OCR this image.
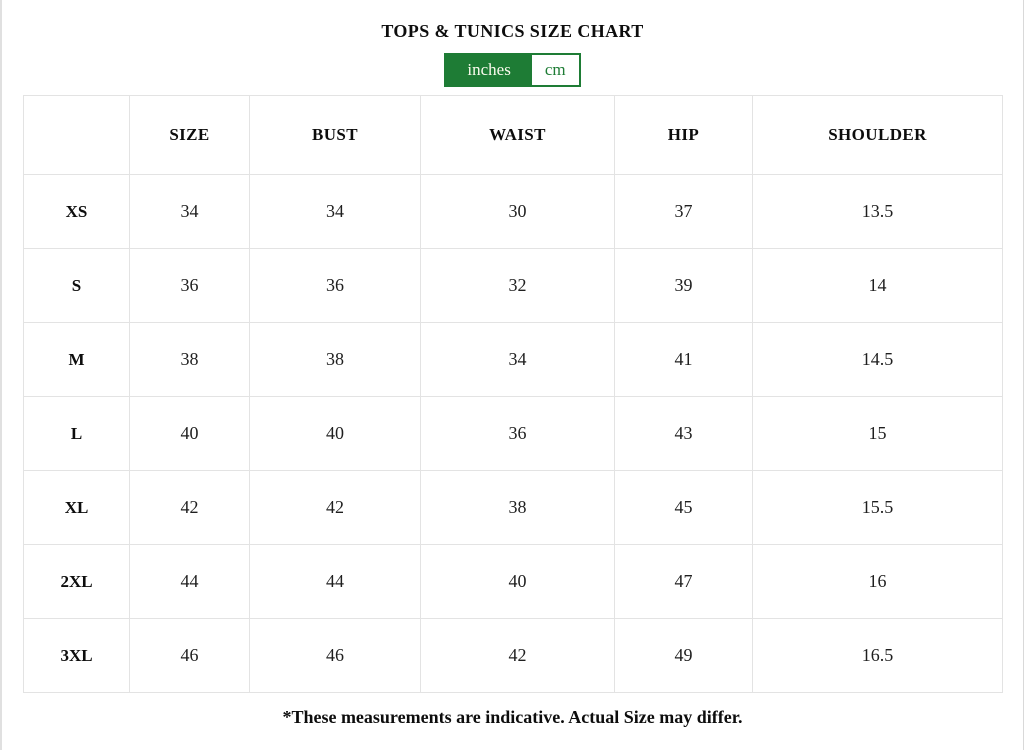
TOPS & TUNICS SIZE CHART
inches	cm
	SIZE	BUST	WAIST	HIP	SHOULDER
XS	34	34	30	37	13.5
S	36	36	32	39	14
M	38	38	34	41	14.5
L	40	40	36	43	15
XL	42	42	38	45	15.5
2XL	44	44	40	47	16
3XL	46	46	42	49	16.5

*These measurements are indicative. Actual Size may differ.
